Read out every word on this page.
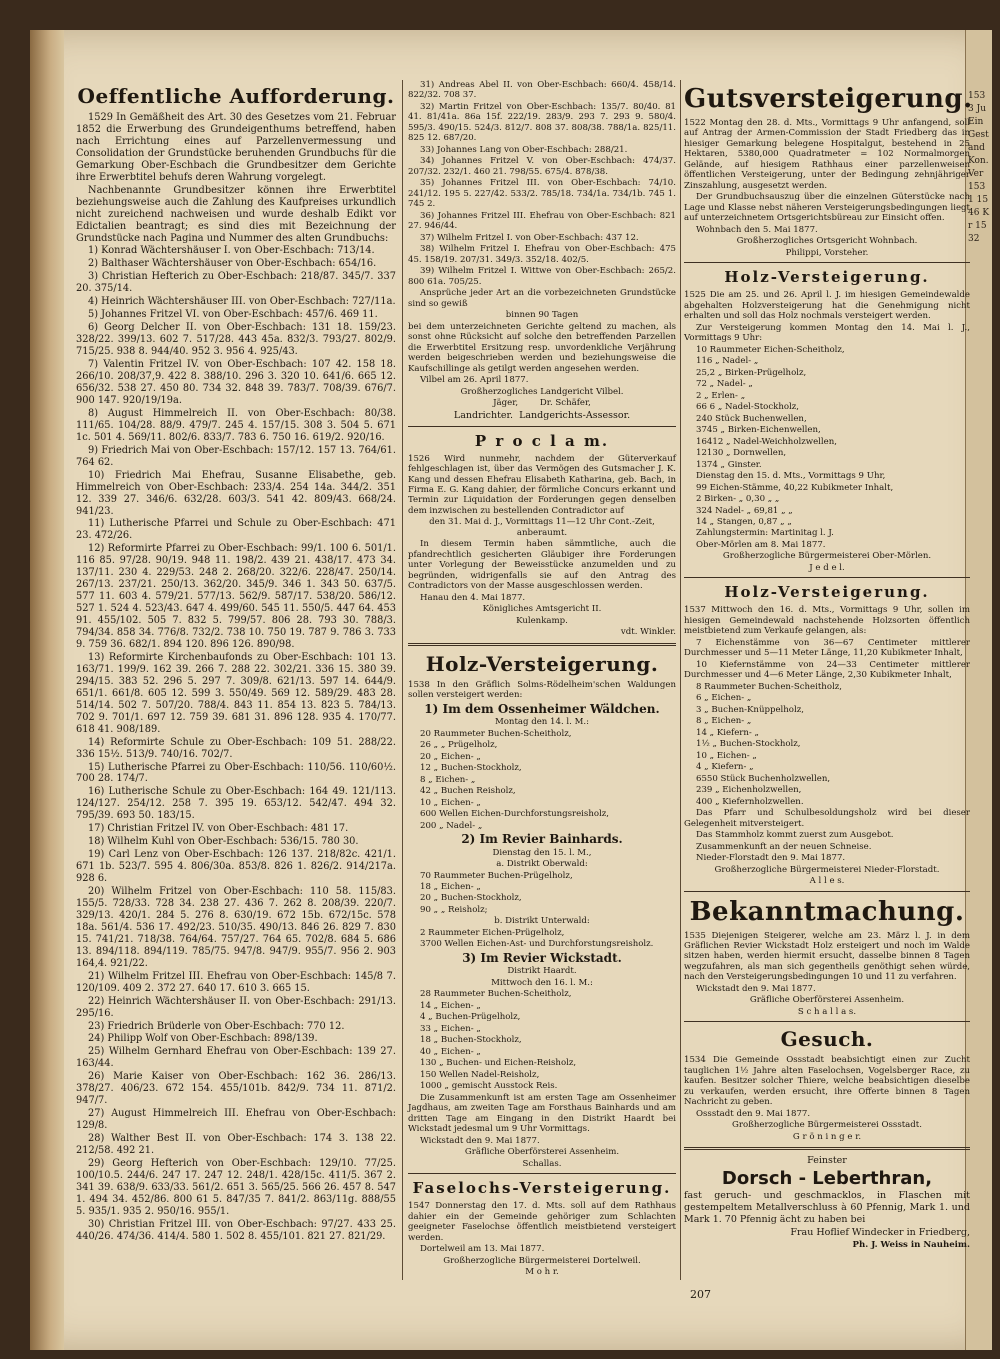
1533 Ju Ein Gestand Kon. Ver 1531 1546 Kr 1532
Oeffentliche Aufforderung.

1529 In Gemäßheit des Art. 30 des Gesetzes vom 21. Februar 1852 die Erwerbung des Grundeigenthums betreffend, haben nach Errichtung eines auf Parzellenvermessung und Consolidation der Grundstücke beruhenden Grundbuchs für die Gemarkung Ober-Eschbach die Grundbesitzer dem Gerichte ihre Erwerbtitel behufs deren Wahrung vorgelegt.

Nachbenannte Grundbesitzer können ihre Erwerbtitel beziehungsweise auch die Zahlung des Kaufpreises urkundlich nicht zureichend nachweisen und wurde deshalb Edikt vor Edictalien beantragt; es sind dies mit Bezeichnung der Grundstücke nach Pagina und Nummer des alten Grundbuchs:

1) Konrad Wächtershäuser I. von Ober-Eschbach: 713/14.

2) Balthaser Wächtershäuser von Ober-Eschbach: 654/16.

3) Christian Hefterich zu Ober-Eschbach: 218/87. 345/7. 337 20. 375/14.

4) Heinrich Wächtershäuser III. von Ober-Eschbach: 727/11a.

5) Johannes Fritzel VI. von Ober-Eschbach: 457/6. 469 11.

6) Georg Delcher II. von Ober-Eschbach: 131 18. 159/23. 328/22. 399/13. 602 7. 517/28. 443 45a. 832/3. 793/27. 802/9. 715/25. 938 8. 944/40. 952 3. 956 4. 925/43.

7) Valentin Fritzel IV. von Ober-Eschbach: 107 42. 158 18. 266/10. 208/37,9. 422 8. 388/10. 296 3. 320 10. 641/6. 665 12. 656/32. 538 27. 450 80. 734 32. 848 39. 783/7. 708/39. 676/7. 900 147. 920/19/19a.

8) August Himmelreich II. von Ober-Eschbach: 80/38. 111/65. 104/28. 88/9. 479/7. 245 4. 157/15. 308 3. 504 5. 671 1c. 501 4. 569/11. 802/6. 833/7. 783 6. 750 16. 619/2. 920/16.

9) Friedrich Mai von Ober-Eschbach: 157/12. 157 13. 764/61. 764 62.

10) Friedrich Mai Ehefrau, Susanne Elisabethe, geb. Himmelreich von Ober-Eschbach: 233/4. 254 14a. 344/2. 351 12. 339 27. 346/6. 632/28. 603/3. 541 42. 809/43. 668/24. 941/23.

11) Lutherische Pfarrei und Schule zu Ober-Eschbach: 471 23. 472/26.

12) Reformirte Pfarrei zu Ober-Eschbach: 99/1. 100 6. 501/1. 116 85. 97/28. 90/19. 948 11. 198/2. 439 21. 438/17. 473 34. 137/11. 230 4. 229/53. 248 2. 268/20. 322/6. 228/47. 250/14. 267/13. 237/21. 250/13. 362/20. 345/9. 346 1. 343 50. 637/5. 577 11. 603 4. 579/21. 577/13. 562/9. 587/17. 538/20. 586/12. 527 1. 524 4. 523/43. 647 4. 499/60. 545 11. 550/5. 447 64. 453 91. 455/102. 505 7. 832 5. 799/57. 806 28. 793 30. 788/3. 794/34. 858 34. 776/8. 732/2. 738 10. 750 19. 787 9. 786 3. 733 9. 759 36. 682/1. 894 120. 896 126. 890/98.

13) Reformirte Kirchenbaufonds zu Ober-Eschbach: 101 13. 163/71. 199/9. 162 39. 266 7. 288 22. 302/21. 336 15. 380 39. 294/15. 383 52. 296 5. 297 7. 309/8. 621/13. 597 14. 644/9. 651/1. 661/8. 605 12. 599 3. 550/49. 569 12. 589/29. 483 28. 514/14. 502 7. 507/20. 788/4. 843 11. 854 13. 823 5. 784/13. 702 9. 701/1. 697 12. 759 39. 681 31. 896 128. 935 4. 170/77. 618 41. 908/189.

14) Reformirte Schule zu Ober-Eschbach: 109 51. 288/22. 336 15½. 513/9. 740/16. 702/7.

15) Lutherische Pfarrei zu Ober-Eschbach: 110/56. 110/60½. 700 28. 174/7.

16) Lutherische Schule zu Ober-Eschbach: 164 49. 121/113. 124/127. 254/12. 258 7. 395 19. 653/12. 542/47. 494 32. 795/39. 693 50. 183/15.

17) Christian Fritzel IV. von Ober-Eschbach: 481 17.

18) Wilhelm Kuhl von Ober-Eschbach: 536/15. 780 30.

19) Carl Lenz von Ober-Eschbach: 126 137. 218/82c. 421/1. 671 1b. 523/7. 595 4. 806/30a. 853/8. 826 1. 826/2. 914/217a. 928 6.

20) Wilhelm Fritzel von Ober-Eschbach: 110 58. 115/83. 155/5. 728/33. 728 34. 238 27. 436 7. 262 8. 208/39. 220/7. 329/13. 420/1. 284 5. 276 8. 630/19. 672 15b. 672/15c. 578 18a. 561/4. 536 17. 492/23. 510/35. 490/13. 846 26. 829 7. 830 15. 741/21. 718/38. 764/64. 757/27. 764 65. 702/8. 684 5. 686 13. 894/118. 894/119. 785/75. 947/8. 947/9. 955/7. 956 2. 903 164,4. 921/22.

21) Wilhelm Fritzel III. Ehefrau von Ober-Eschbach: 145/8 7. 120/109. 409 2. 372 27. 640 17. 610 3. 665 15.

22) Heinrich Wächtershäuser II. von Ober-Eschbach: 291/13. 295/16.

23) Friedrich Brüderle von Ober-Eschbach: 770 12.

24) Philipp Wolf von Ober-Eschbach: 898/139.

25) Wilhelm Gernhard Ehefrau von Ober-Eschbach: 139 27. 163/44.

26) Marie Kaiser von Ober-Eschbach: 162 36. 286/13. 378/27. 406/23. 672 154. 455/101b. 842/9. 734 11. 871/2. 947/7.

27) August Himmelreich III. Ehefrau von Ober-Eschbach: 129/8.

28) Walther Best II. von Ober-Eschbach: 174 3. 138 22. 212/58. 492 21.

29) Georg Hefterich von Ober-Eschbach: 129/10. 77/25. 100/10.5. 244/6. 247 17. 247 12. 248/1. 428/15c. 411/5. 367 2. 341 39. 638/9. 633/33. 561/2. 651 3. 565/25. 566 26. 457 8. 547 1. 494 34. 452/86. 800 61 5. 847/35 7. 841/2. 863/11g. 888/55 5. 935/1. 935 2. 950/16. 955/1.

30) Christian Fritzel III. von Ober-Eschbach: 97/27. 433 25. 440/26. 474/36. 414/4. 580 1. 502 8. 455/101. 821 27. 821/29.

31) Andreas Abel II. von Ober-Eschbach: 660/4. 458/14. 822/32. 708 37.

32) Martin Fritzel von Ober-Eschbach: 135/7. 80/40. 81 41. 81/41a. 86a 15f. 222/19. 283/9. 293 7. 293 9. 580/4. 595/3. 490/15. 524/3. 812/7. 808 37. 808/38. 788/1a. 825/11. 825 12. 687/20.

33) Johannes Lang von Ober-Eschbach: 288/21.

34) Johannes Fritzel V. von Ober-Eschbach: 474/37. 207/32. 232/1. 460 21. 798/55. 675/4. 878/38.

35) Johannes Fritzel III. von Ober-Eschbach: 74/10. 241/12. 195 5. 227/42. 533/2. 785/18. 734/1a. 734/1b. 745 1. 745 2.

36) Johannes Fritzel III. Ehefrau von Ober-Eschbach: 821 27. 946/44.

37) Wilhelm Fritzel I. von Ober-Eschbach: 437 12.

38) Wilhelm Fritzel I. Ehefrau von Ober-Eschbach: 475 45. 158/19. 207/31. 349/3. 352/18. 402/5.

39) Wilhelm Fritzel I. Wittwe von Ober-Eschbach: 265/2. 800 61a. 705/25.

Ansprüche jeder Art an die vorbezeichneten Grundstücke sind so gewiß

binnen 90 Tagen

bei dem unterzeichneten Gerichte geltend zu machen, als sonst ohne Rücksicht auf solche den betreffenden Parzellen die Erwerbtitel Ersitzung resp. unvordenkliche Verjährung werden beigeschrieben werden und beziehungsweise die Kaufschillinge als getilgt werden angesehen werden.

Vilbel am 26. April 1877.

Großherzogliches Landgericht Vilbel.

Jäger,        Dr. Schäfer,

Landrichter.  Landgerichts-Assessor.

P r o c l a m.

1526 Wird nunmehr, nachdem der Güterverkauf fehlgeschlagen ist, über das Vermögen des Gutsmacher J. K. Kang und dessen Ehefrau Elisabeth Katharina, geb. Bach, in Firma E. G. Kang dahier, der förmliche Concurs erkannt und Termin zur Liquidation der Forderungen gegen denselben dem inzwischen zu bestellenden Contradictor auf

den 31. Mai d. J., Vormittags 11—12 Uhr Cont.-Zeit, anberaumt.

In diesem Termin haben sämmtliche, auch die pfandrechtlich gesicherten Gläubiger ihre Forderungen unter Vorlegung der Beweisstücke anzumelden und zu begründen, widrigenfalls sie auf den Antrag des Contradictors von der Masse ausgeschlossen werden.

Hanau den 4. Mai 1877.

Königliches Amtsgericht II.

Kulenkamp.

vdt. Winkler.

Holz-Versteigerung.

1538 In den Gräflich Solms-Rödelheim'schen Waldungen sollen versteigert werden:

1) Im dem Ossenheimer Wäldchen.

Montag den 14. l. M.:

20 Raummeter Buchen-Scheitholz,

26 „ „ Prügelholz,

20 „ Eichen- „

12 „ Buchen-Stockholz,

8 „ Eichen- „

42 „ Buchen Reisholz,

10 „ Eichen- „

600 Wellen Eichen-Durchforstungsreisholz,

200 „ Nadel- „

2) Im Revier Bainhards.

Dienstag den 15. l. M.,

a. Distrikt Oberwald:

70 Raummeter Buchen-Prügelholz,

18 „ Eichen- „

20 „ Buchen-Stockholz,

90 „ „ Reisholz;

b. Distrikt Unterwald:

2 Raummeter Eichen-Prügelholz,

3700 Wellen Eichen-Ast- und Durchforstungsreisholz.

3) Im Revier Wickstadt.

Distrikt Haardt.

Mittwoch den 16. l. M.:

28 Raummeter Buchen-Scheitholz,

14 „ Eichen- „

4 „ Buchen-Prügelholz,

33 „ Eichen- „

18 „ Buchen-Stockholz,

40 „ Eichen- „

130 „ Buchen- und Eichen-Reisholz,

150 Wellen Nadel-Reisholz,

1000 „ gemischt Ausstock Reis.

Die Zusammenkunft ist am ersten Tage am Ossenheimer Jagdhaus, am zweiten Tage am Forsthaus Bainhards und am dritten Tage am Eingang in den Distrikt Haardt bei Wickstadt jedesmal um 9 Uhr Vormittags.

Wickstadt den 9. Mai 1877.

Gräfliche Oberförsterei Assenheim.

Schallas.

Faselochs-Versteigerung.

1547 Donnerstag den 17. d. Mts. soll auf dem Rathhaus dahier ein der Gemeinde gehöriger zum Schlachten geeigneter Faselochse öffentlich meistbietend versteigert werden.

Dortelweil am 13. Mai 1877.

Großherzogliche Bürgermeisterei Dortelweil.

M o h r.

Gutsversteigerung.

1522 Montag den 28. d. Mts., Vormittags 9 Uhr anfangend, soll auf Antrag der Armen-Commission der Stadt Friedberg das in hiesiger Gemarkung belegene Hospitalgut, bestehend in 25 Hektaren, 5380,000 Quadratmeter = 102 Normalmorgen Gelände, auf hiesigem Rathhaus einer parzellenweisen öffentlichen Versteigerung, unter der Bedingung zehnjähriger Zinszahlung, ausgesetzt werden.

Der Grundbuchsauszug über die einzelnen Güterstücke nach Lage und Klasse nebst näheren Versteigerungsbedingungen liegt auf unterzeichnetem Ortsgerichtsbüreau zur Einsicht offen.

Wohnbach den 5. Mai 1877.

Großherzogliches Ortsgericht Wohnbach.

Philippi, Vorsteher.

Holz-Versteigerung.

1525 Die am 25. und 26. April l. J. im hiesigen Gemeindewalde abgehalten Holzversteigerung hat die Genehmigung nicht erhalten und soll das Holz nochmals versteigert werden.

Zur Versteigerung kommen Montag den 14. Mai l. J., Vormittags 9 Uhr:

10 Raummeter Eichen-Scheitholz,

116 „ Nadel- „

25,2 „ Birken-Prügelholz,

72 „ Nadel- „

2 „ Erlen- „

66 6 „ Nadel-Stockholz,

240 Stück Buchenwellen,

3745 „ Birken-Eichenwellen,

16412 „ Nadel-Weichholzwellen,

12130 „ Dornwellen,

1374 „ Ginster.

Dienstag den 15. d. Mts., Vormittags 9 Uhr,

99 Eichen-Stämme, 40,22 Kubikmeter Inhalt,

2 Birken- „ 0,30 „ „

324 Nadel- „ 69,81 „ „

14 „ Stangen, 0,87 „ „

Zahlungstermin: Martinitag l. J.

Ober-Mörlen am 8. Mai 1877.

Großherzogliche Bürgermeisterei Ober-Mörlen.

J e d e l.

Holz-Versteigerung.

1537 Mittwoch den 16. d. Mts., Vormittags 9 Uhr, sollen im hiesigen Gemeindewald nachstehende Holzsorten öffentlich meistbietend zum Verkaufe gelangen, als:

7 Eichenstämme von 36—67 Centimeter mittlerer Durchmesser und 5—11 Meter Länge, 11,20 Kubikmeter Inhalt,

10 Kiefernstämme von 24—33 Centimeter mittlerer Durchmesser und 4—6 Meter Länge, 2,30 Kubikmeter Inhalt,

8 Raummeter Buchen-Scheitholz,

6 „ Eichen- „

3 „ Buchen-Knüppelholz,

8 „ Eichen- „

14 „ Kiefern- „

1½ „ Buchen-Stockholz,

10 „ Eichen- „

4 „ Kiefern- „

6550 Stück Buchenholzwellen,

239 „ Eichenholzwellen,

400 „ Kiefernholzwellen.

Das Pfarr und Schulbesoldungsholz wird bei dieser Gelegenheit mitversteigert.

Das Stammholz kommt zuerst zum Ausgebot.

Zusammenkunft an der neuen Schneise.

Nieder-Florstadt den 9. Mai 1877.

Großherzogliche Bürgermeisterei Nieder-Florstadt.

A l l e s.

Bekanntmachung.

1535 Diejenigen Steigerer, welche am 23. März l. J. in dem Gräflichen Revier Wickstadt Holz ersteigert und noch im Walde sitzen haben, werden hiermit ersucht, dasselbe binnen 8 Tagen wegzufahren, als man sich gegentheils genöthigt sehen würde, nach den Versteigerungsbedingungen 10 und 11 zu verfahren.

Wickstadt den 9. Mai 1877.

Gräfliche Oberförsterei Assenheim.

S c h a l l a s.

Gesuch.

1534 Die Gemeinde Ossstadt beabsichtigt einen zur Zucht tauglichen 1½ Jahre alten Faselochsen, Vogelsberger Race, zu kaufen. Besitzer solcher Thiere, welche beabsichtigen dieselbe zu verkaufen, werden ersucht, ihre Offerte binnen 8 Tagen Nachricht zu geben.

Ossstadt den 9. Mai 1877.

Großherzogliche Bürgermeisterei Ossstadt.

G r ö n i n g e r.

Feinster

Dorsch - Leberthran,

fast geruch- und geschmacklos, in Flaschen mit gestempeltem Metallverschluss à 60 Pfennig, Mark 1. und Mark 1. 70 Pfennig ächt zu haben bei

Frau Hoflief Windecker in Friedberg,

Ph. J. Weiss in Nauheim.

207
